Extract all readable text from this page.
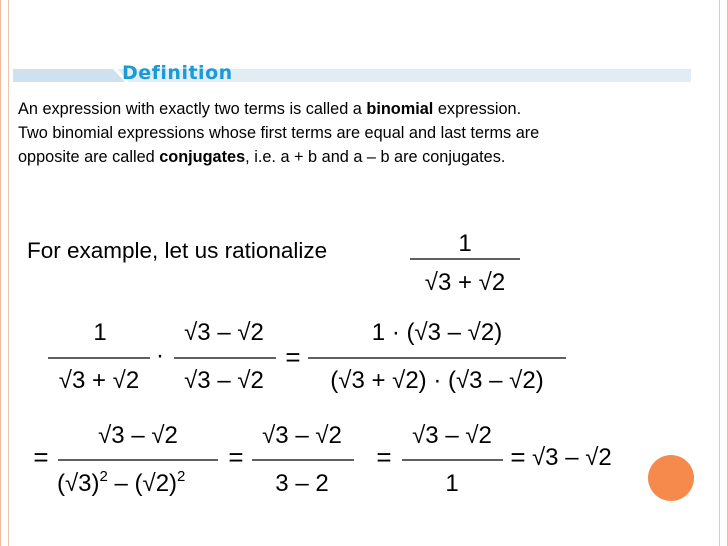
Definition
An expression with exactly two terms is called a binomial expression.
Two binomial expressions whose first terms are equal and last terms are
opposite are called conjugates, i.e. a + b and a – b are conjugates.
For example, let us rationalize	1
√3 + √2
1
√3 + √2
·
√3 – √2
√3 – √2
=
1 · (√3 – √2)
(√3 + √2) · (√3 – √2)
=
√3 – √2
$(√3)^2 - (√2)^2$
=
√3 – √2
3 – 2
=
√3 – √2
1
= √3 – √2
